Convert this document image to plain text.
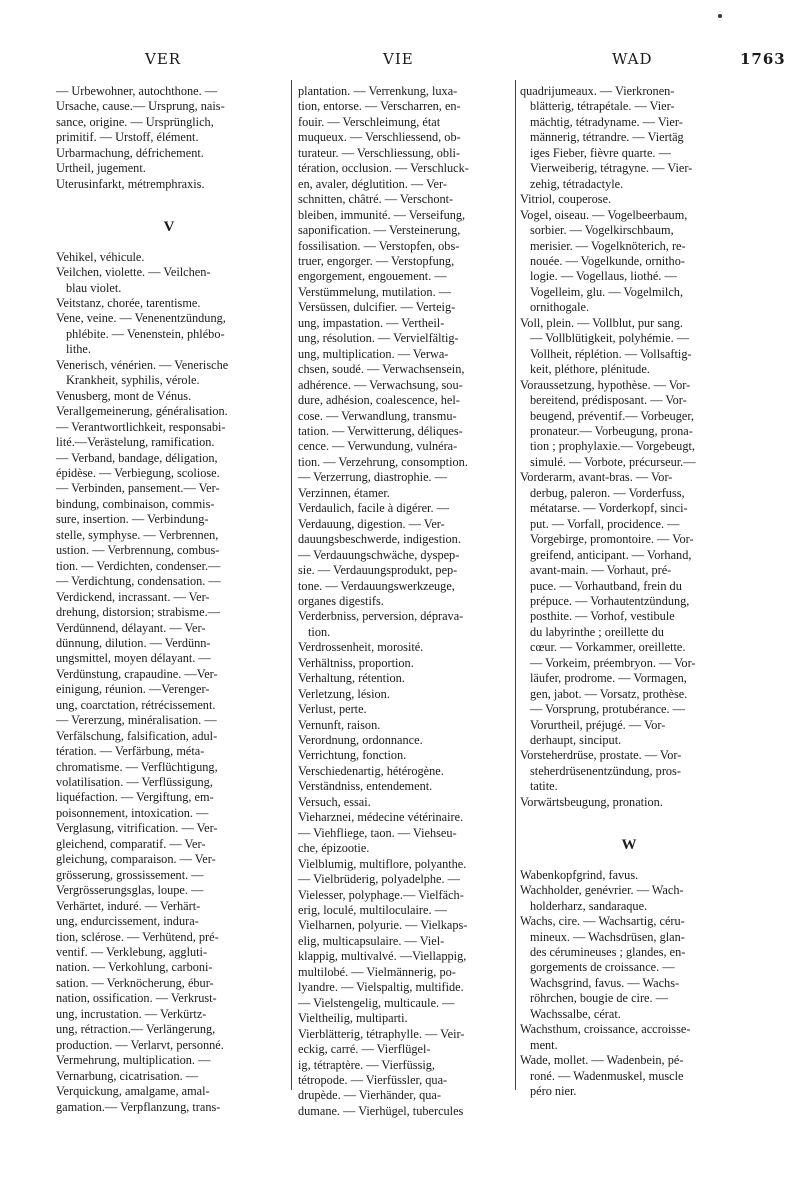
VER	VIE	WAD	1763
— Urbewohner, autochthone. —
Ursache, cause.— Ursprung, nais-
sance, origine. — Ursprünglich,
primitif. — Urstoff, élément.
Urbarmachung, défrichement.
Urtheil, jugement.
Uterusinfarkt, métremphraxis.
V
Vehikel, véhicule.
Veilchen, violette. — Veilchen-
blau violet.
Veitstanz, chorée, tarentisme.
Vene, veine. — Venenentzündung,
phlébite. — Venenstein, phlébo-
lithe.
Venerisch, vénérien. — Venerische
Krankheit, syphilis, vérole.
Venusberg, mont de Vénus.
Verallgemeinerung, généralisation.
— Verantwortlichkeit, responsabi-
lité.—Verästelung, ramification.
— Verband, bandage, déligation,
épidèse. — Verbiegung, scoliose.
— Verbinden, pansement.— Ver-
bindung, combinaison, commis-
sure, insertion. — Verbindung-
stelle, symphyse. — Verbrennen,
ustion. — Verbrennung, combus-
tion. — Verdichten, condenser.—
— Verdichtung, condensation. —
Verdickend, incrassant. — Ver-
drehung, distorsion; strabisme.—
Verdünnend, délayant. — Ver-
dünnung, dilution. — Verdünn-
ungsmittel, moyen délayant. —
Verdünstung, crapaudine. —Ver-
einigung, réunion. —Verenger-
ung, coarctation, rétrécissement.
— Vererzung, minéralisation. —
Verfälschung, falsification, adul-
tération. — Verfärbung, méta-
chromatisme. — Verflüchtigung,
volatilisation. — Verflüssigung,
liquéfaction. — Vergiftung, em-
poisonnement, intoxication. —
Verglasung, vitrification. — Ver-
gleichend, comparatif. — Ver-
gleichung, comparaison. — Ver-
grösserung, grossissement. —
Vergrösserungsglas, loupe. —
Verhärtet, induré. — Verhärt-
ung, endurcissement, indura-
tion, sclérose. — Verhütend, pré-
ventif. — Verklebung, aggluti-
nation. — Verkohlung, carboni-
sation. — Verknöcherung, ébur-
nation, ossification. — Verkrust-
ung, incrustation. — Verkürtz-
ung, rétraction.— Verlängerung,
production. — Verlarvt, personné.
Vermehrung, multiplication. —
Vernarbung, cicatrisation. —
Verquickung, amalgame, amal-
gamation.— Verpflanzung, trans-
plantation. — Verrenkung, luxa-
tion, entorse. — Verscharren, en-
fouir. — Verschleimung, état
muqueux. — Verschliessend, ob-
turateur. — Verschliessung, obli-
tération, occlusion. — Verschluck-
en, avaler, déglutition. — Ver-
schnitten, châtré. — Verschont-
bleiben, immunité. — Verseifung,
saponification. — Versteinerung,
fossilisation. — Verstopfen, obs-
truer, engorger. — Verstopfung,
engorgement, engouement. —
Verstümmelung, mutilation. —
Versüssen, dulcifier. — Verteig-
ung, impastation. — Vertheil-
ung, résolution. — Vervielfältig-
ung, multiplication. — Verwa-
chsen, soudé. — Verwachsensein,
adhérence. — Verwachsung, sou-
dure, adhésion, coalescence, hel-
cose. — Verwandlung, transmu-
tation. — Verwitterung, déliques-
cence. — Verwundung, vulnéra-
tion. — Verzehrung, consomption.
— Verzerrung, diastrophie. —
Verzinnen, étamer.
Verdaulich, facile à digérer. —
Verdauung, digestion. — Ver-
dauungsbeschwerde, indigestion.
— Verdauungschwäche, dyspep-
sie. — Verdauungsprodukt, pep-
tone. — Verdauungswerkzeuge,
organes digestifs.
Verderbniss, perversion, déprava-
tion.
Verdrossenheit, morosité.
Verhältniss, proportion.
Verhaltung, rétention.
Verletzung, lésion.
Verlust, perte.
Vernunft, raison.
Verordnung, ordonnance.
Verrichtung, fonction.
Verschiedenartig, hétérogène.
Verständniss, entendement.
Versuch, essai.
Vieharznei, médecine vétérinaire.
— Viehfliege, taon. — Viehseu-
che, épizootie.
Vielblumig, multiflore, polyanthe.
— Vielbrüderig, polyadelphe. —
Vielesser, polyphage.— Vielfäch-
erig, loculé, multiloculaire. —
Vielharnen, polyurie. — Vielkaps-
elig, multicapsulaire. — Viel-
klappig, multivalvé. —Viellappig,
multilobé. — Vielmännerig, po-
lyandre. — Vielspaltig, multifide.
— Vielstengelig, multicaule. —
Vieltheilig, multiparti.
Vierblätterig, tétraphylle. — Veir-
eckig, carré. — Vierflügel-
ig, tétraptère. — Vierfüssig,
tétropode. — Vierfüssler, qua-
drupède. — Vierhänder, qua-
dumane. — Vierhügel, tubercules
quadrijumeaux. — Vierkronen-
blätterig, tétrapétale. — Vier-
mächtig, tétradyname. — Vier-
männerig, tétrandre. — Viertäg
iges Fieber, fièvre quarte. —
Vierweiberig, tétragyne. — Vier-
zehig, tétradactyle.
Vitriol, couperose.
Vogel, oiseau. — Vogelbeerbaum,
sorbier. — Vogelkirschbaum,
merisier. — Vogelknöterich, re-
nouée. — Vogelkunde, ornitho-
logie. — Vogellaus, liothé. —
Vogelleim, glu. — Vogelmilch,
ornithogale.
Voll, plein. — Vollblut, pur sang.
— Vollblütigkeit, polyhémie. —
Vollheit, réplétion. — Vollsaftig-
keit, pléthore, plénitude.
Voraussetzung, hypothèse. — Vor-
bereitend, prédisposant. — Vor-
beugend, préventif.— Vorbeuger,
pronateur.— Vorbeugung, prona-
tion ; prophylaxie.— Vorgebeugt,
simulé. — Vorbote, précurseur.—
Vorderarm, avant-bras. — Vor-
derbug, paleron. — Vorderfuss,
métatarse. — Vorderkopf, sinci-
put. — Vorfall, procidence. —
Vorgebirge, promontoire. — Vor-
greifend, anticipant. — Vorhand,
avant-main. — Vorhaut, pré-
puce. — Vorhautband, frein du
prépuce. — Vorhautentzündung,
posthite. — Vorhof, vestibule
du labyrinthe ; oreillette du
cœur. — Vorkammer, oreillette.
— Vorkeim, préembryon. — Vor-
läufer, prodrome. — Vormagen,
gen, jabot. — Vorsatz, prothèse.
— Vorsprung, protubérance. —
Vorurtheil, préjugé. — Vor-
derhaupt, sinciput.
Vorsteherdrüse, prostate. — Vor-
steherdrüsenentzündung, pros-
tatite.
Vorwärtsbeugung, pronation.
W
Wabenkopfgrind, favus.
Wachholder, genévrier. — Wach-
holderharz, sandaraque.
Wachs, cire. — Wachsartig, céru-
mineux. — Wachsdrüsen, glan-
des cérumineuses ; glandes, en-
gorgements de croissance. —
Wachsgrind, favus. — Wachs-
röhrchen, bougie de cire. —
Wachssalbe, cérat.
Wachsthum, croissance, accroisse-
ment.
Wade, mollet. — Wadenbein, pé-
roné. — Wadenmuskel, muscle
péro nier.
